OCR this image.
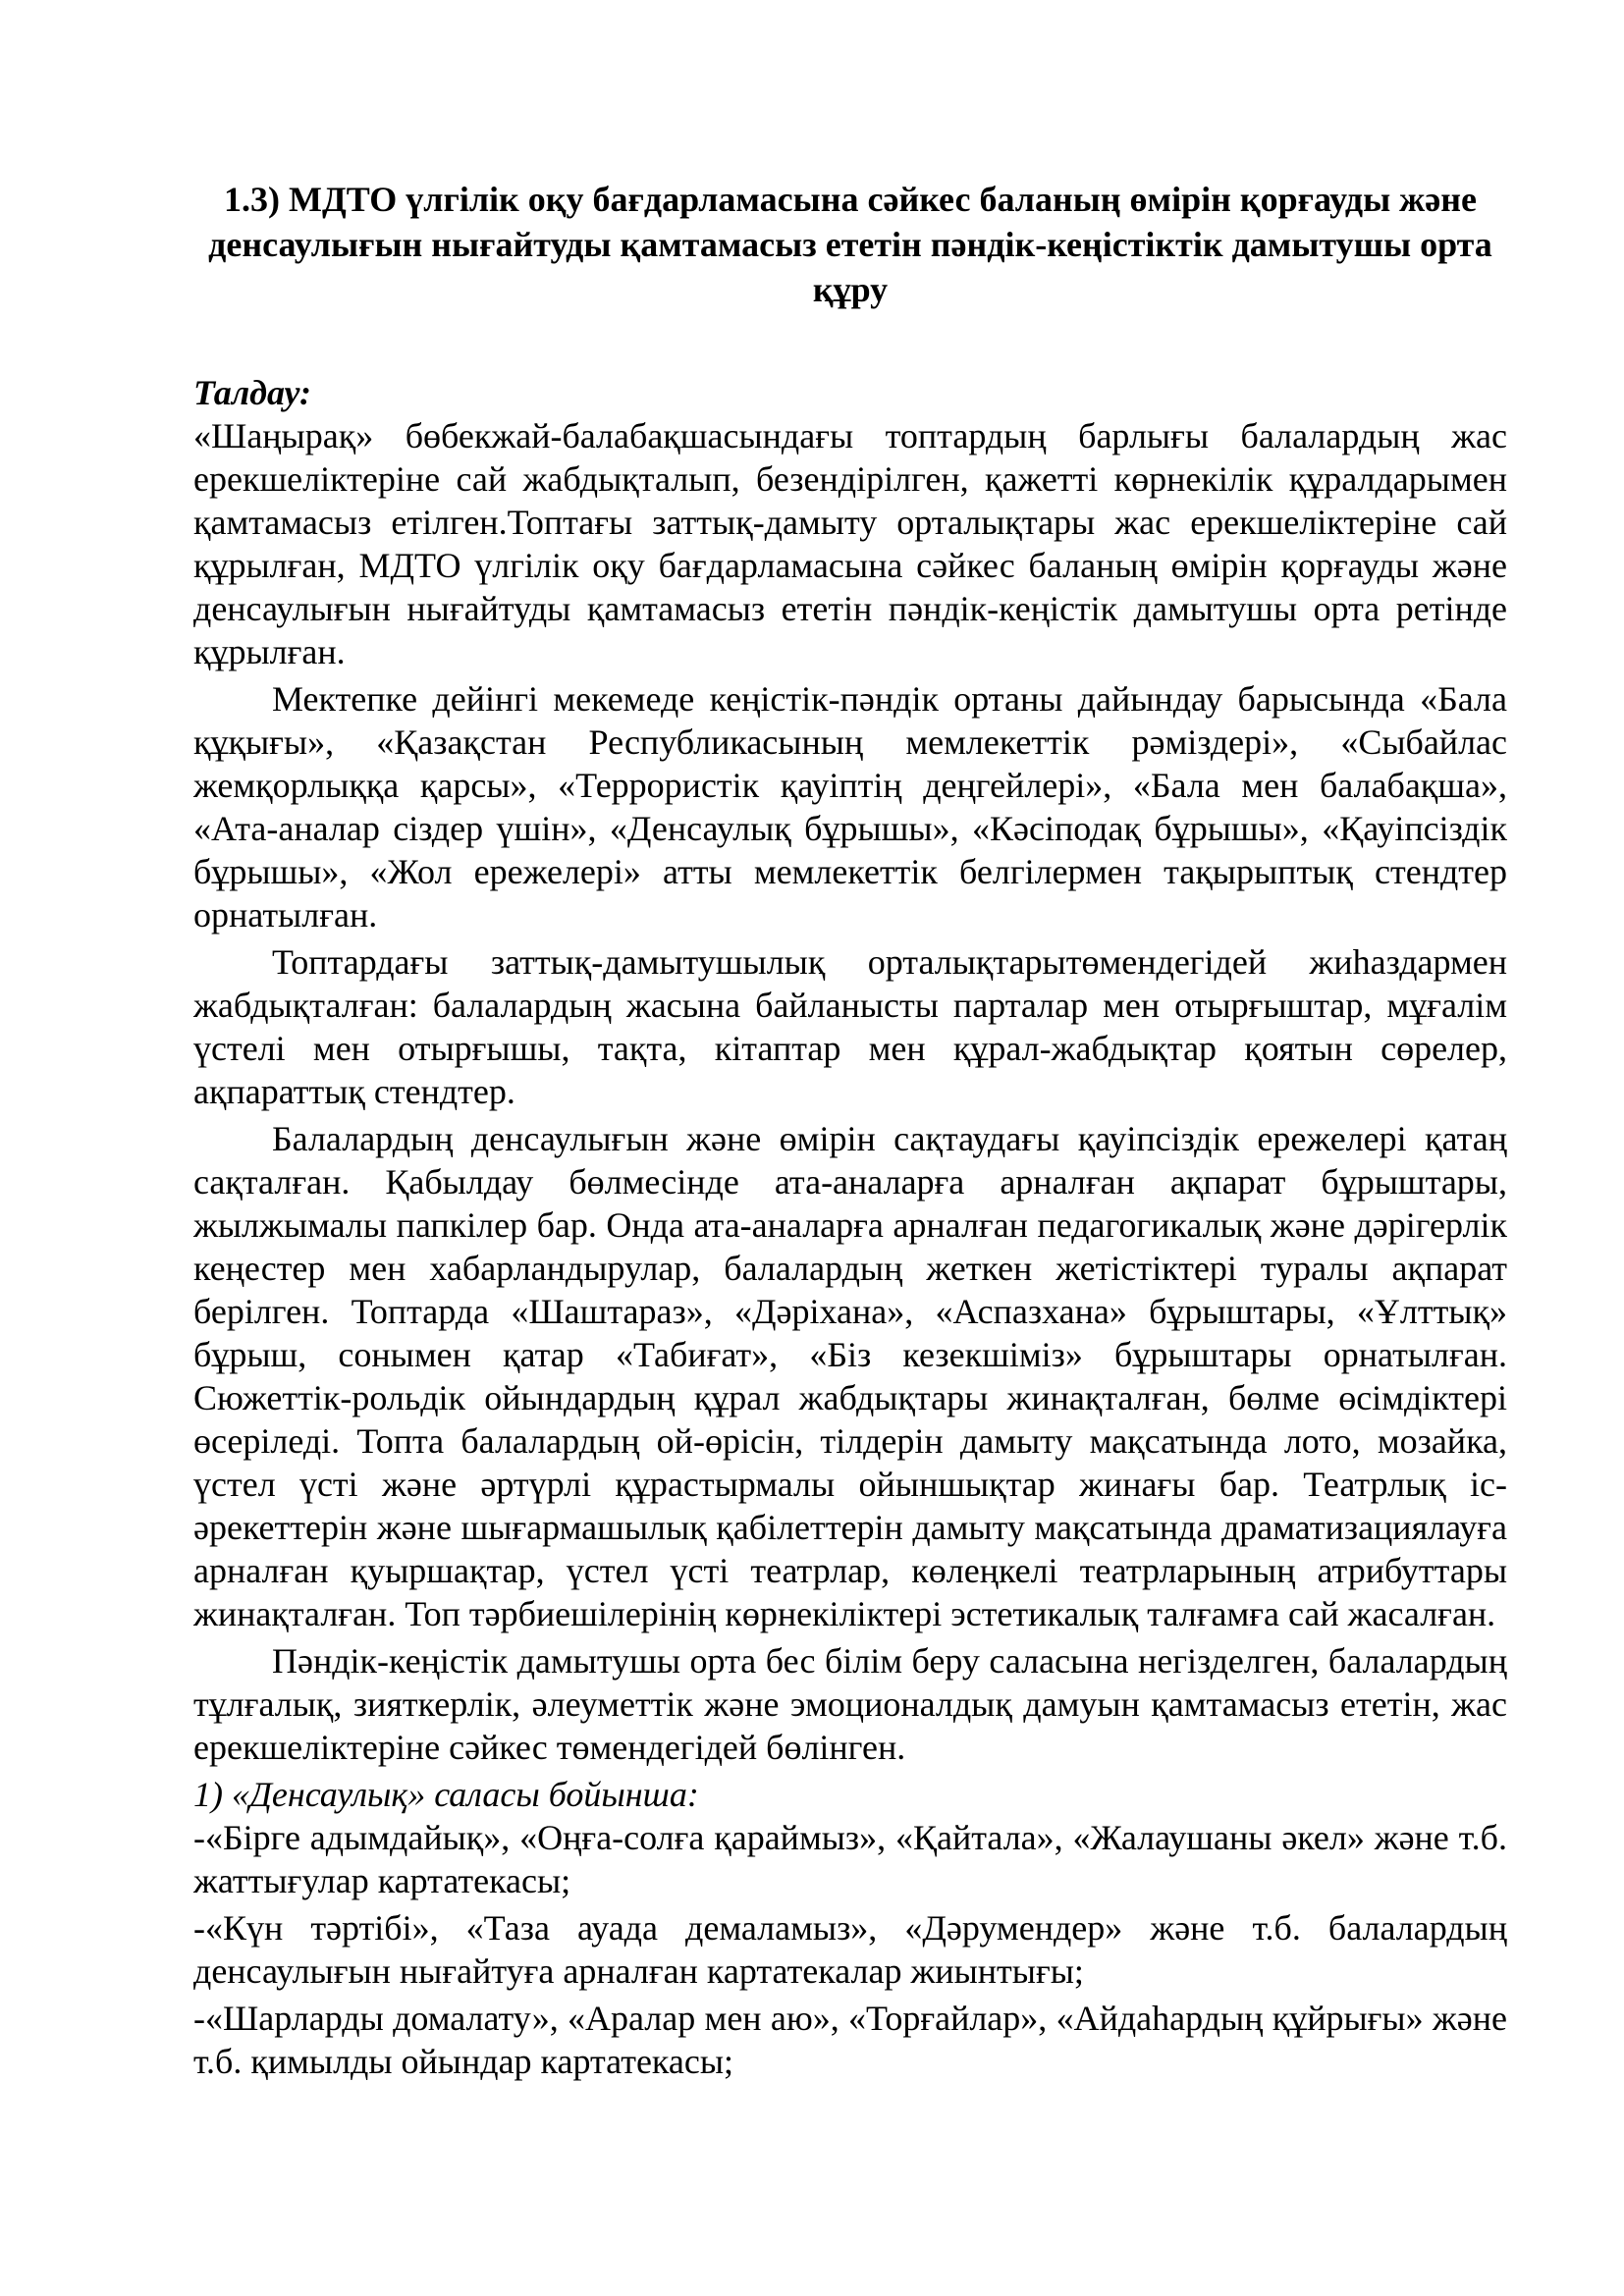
1.3) МДТО үлгілік оқу бағдарламасына сәйкес баланың өмірін қорғауды және денсаулығын нығайтуды қамтамасыз ететін пәндік-кеңістіктік дамытушы орта құру

Талдау:

«Шаңырақ» бөбекжай-балабақшасындағы топтардың барлығы балалардың жас ерекшеліктеріне сай жабдықталып, безендірілген, қажетті көрнекілік құралдарымен қамтамасыз етілген.Топтағы заттық-дамыту орталықтары жас ерекшеліктеріне сай құрылған, МДТО үлгілік оқу бағдарламасына сәйкес баланың өмірін қорғауды және денсаулығын нығайтуды қамтамасыз ететін пәндік-кеңістік дамытушы орта ретінде құрылған.

Мектепке дейінгі мекемеде кеңістік-пәндік ортаны дайындау барысында «Бала құқығы», «Қазақстан Республикасының мемлекеттік рәміздері», «Сыбайлас жемқорлыққа қарсы», «Террористік қауіптің деңгейлері», «Бала мен балабақша», «Ата-аналар сіздер үшін», «Денсаулық бұрышы», «Кәсіподақ бұрышы», «Қауіпсіздік бұрышы», «Жол ережелері» атты мемлекеттік белгілермен тақырыптық стендтер орнатылған.

Топтардағы заттық-дамытушылық орталықтарытөмендегідей жиһаздармен жабдықталған: балалардың жасына байланысты парталар мен отырғыштар, мұғалім үстелі мен отырғышы, тақта, кітаптар мен құрал-жабдықтар қоятын сөрелер, ақпараттық стендтер.

Балалардың денсаулығын және өмірін сақтаудағы қауіпсіздік ережелері қатаң сақталған. Қабылдау бөлмесінде ата-аналарға арналған ақпарат бұрыштары, жылжымалы папкілер бар. Онда ата-аналарға арналған педагогикалық және дәрігерлік кеңестер мен хабарландырулар, балалардың жеткен жетістіктері туралы ақпарат берілген. Топтарда «Шаштараз», «Дәріхана», «Аспазхана» бұрыштары, «Ұлттық» бұрыш, сонымен қатар «Табиғат», «Біз кезекшіміз» бұрыштары орнатылған. Сюжеттік-рольдік ойындардың құрал жабдықтары жинақталған, бөлме өсімдіктері өсеріледі. Топта балалардың ой-өрісін, тілдерін дамыту мақсатында лото, мозайка, үстел үсті және әртүрлі құрастырмалы ойыншықтар жинағы бар. Театрлық іс-әрекеттерін және шығармашылық қабілеттерін дамыту мақсатында драматизациялауға арналған қуыршақтар, үстел үсті театрлар, көлеңкелі театрларының атрибуттары жинақталған. Топ тәрбиешілерінің көрнекіліктері эстетикалық талғамға сай жасалған.

Пәндік-кеңістік дамытушы орта бес білім беру саласына негізделген, балалардың тұлғалық, зияткерлік, әлеуметтік және эмоционалдық дамуын қамтамасыз ететін, жас ерекшеліктеріне сәйкес төмендегідей бөлінген.

1) «Денсаулық» саласы бойынша:

-«Бірге адымдайық», «Оңға-солға қараймыз», «Қайтала», «Жалаушаны әкел» және т.б. жаттығулар картатекасы;

-«Күн тәртібі», «Таза ауада демаламыз», «Дәрумендер» және т.б. балалардың денсаулығын нығайтуға арналған картатекалар жиынтығы;

-«Шарларды домалату», «Аралар мен аю», «Торғайлар», «Айдаһардың құйрығы» және т.б. қимылды ойындар картатекасы;
